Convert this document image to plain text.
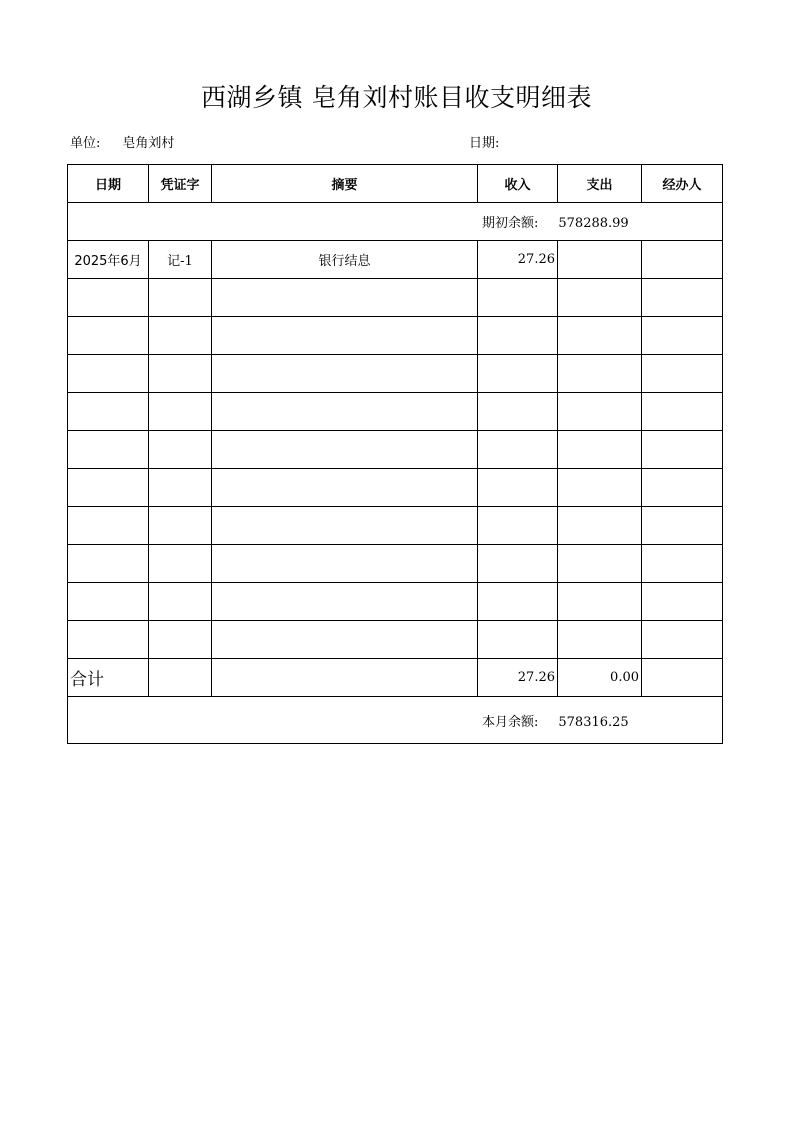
西湖乡镇 皂角刘村账目收支明细表
单位: 皂角刘村	日期:
日期	凭证字	摘要	收入	支出	经办人
期初余额: 578288.99					
2025年6月	记-1	银行结息	27.26		

合计			27.26	0.00	
本月余额: 578316.25					
